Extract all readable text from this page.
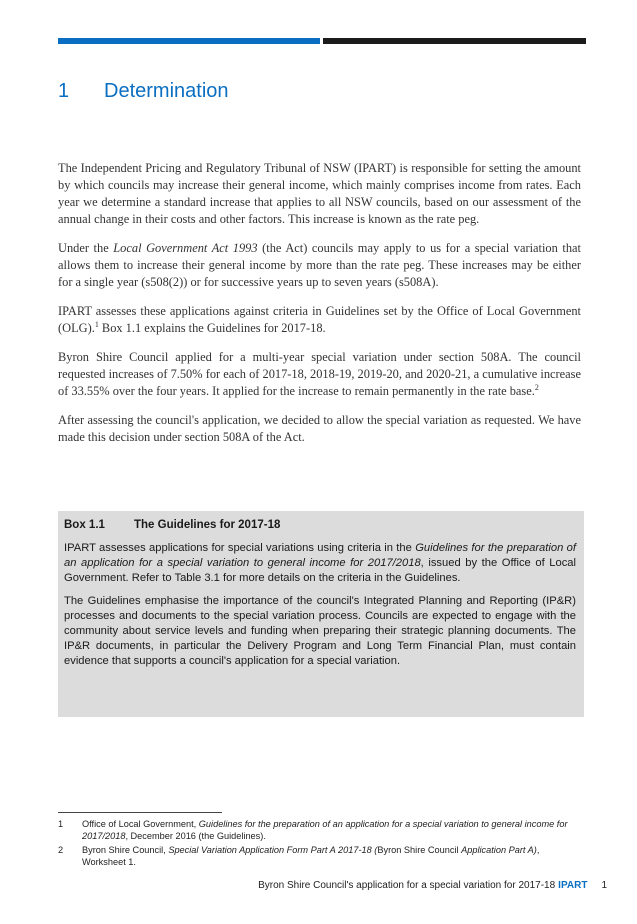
1 Determination

The Independent Pricing and Regulatory Tribunal of NSW (IPART) is responsible for setting the amount by which councils may increase their general income, which mainly comprises income from rates. Each year we determine a standard increase that applies to all NSW councils, based on our assessment of the annual change in their costs and other factors. This increase is known as the rate peg.

Under the Local Government Act 1993 (the Act) councils may apply to us for a special variation that allows them to increase their general income by more than the rate peg. These increases may be either for a single year (s508(2)) or for successive years up to seven years (s508A).

IPART assesses these applications against criteria in Guidelines set by the Office of Local Government (OLG).$^1$ Box 1.1 explains the Guidelines for 2017-18.

Byron Shire Council applied for a multi-year special variation under section 508A. The council requested increases of 7.50% for each of 2017-18, 2018-19, 2019-20, and 2020-21, a cumulative increase of 33.55% over the four years. It applied for the increase to remain permanently in the rate base.$^2$

After assessing the council's application, we decided to allow the special variation as requested. We have made this decision under section 508A of the Act.

Box 1.1	The Guidelines for 2017-18

IPART assesses applications for special variations using criteria in the Guidelines for the preparation of an application for a special variation to general income for 2017/2018, issued by the Office of Local Government. Refer to Table 3.1 for more details on the criteria in the Guidelines.

The Guidelines emphasise the importance of the council's Integrated Planning and Reporting (IP&R) processes and documents to the special variation process. Councils are expected to engage with the community about service levels and funding when preparing their strategic planning documents. The IP&R documents, in particular the Delivery Program and Long Term Financial Plan, must contain evidence that supports a council's application for a special variation.

1	Office of Local Government, Guidelines for the preparation of an application for a special variation to general income for 2017/2018, December 2016 (the Guidelines).
2	Byron Shire Council, Special Variation Application Form Part A 2017-18 (Byron Shire Council Application Part A), Worksheet 1.
Byron Shire Council's application for a special variation for 2017-18 IPART 1
